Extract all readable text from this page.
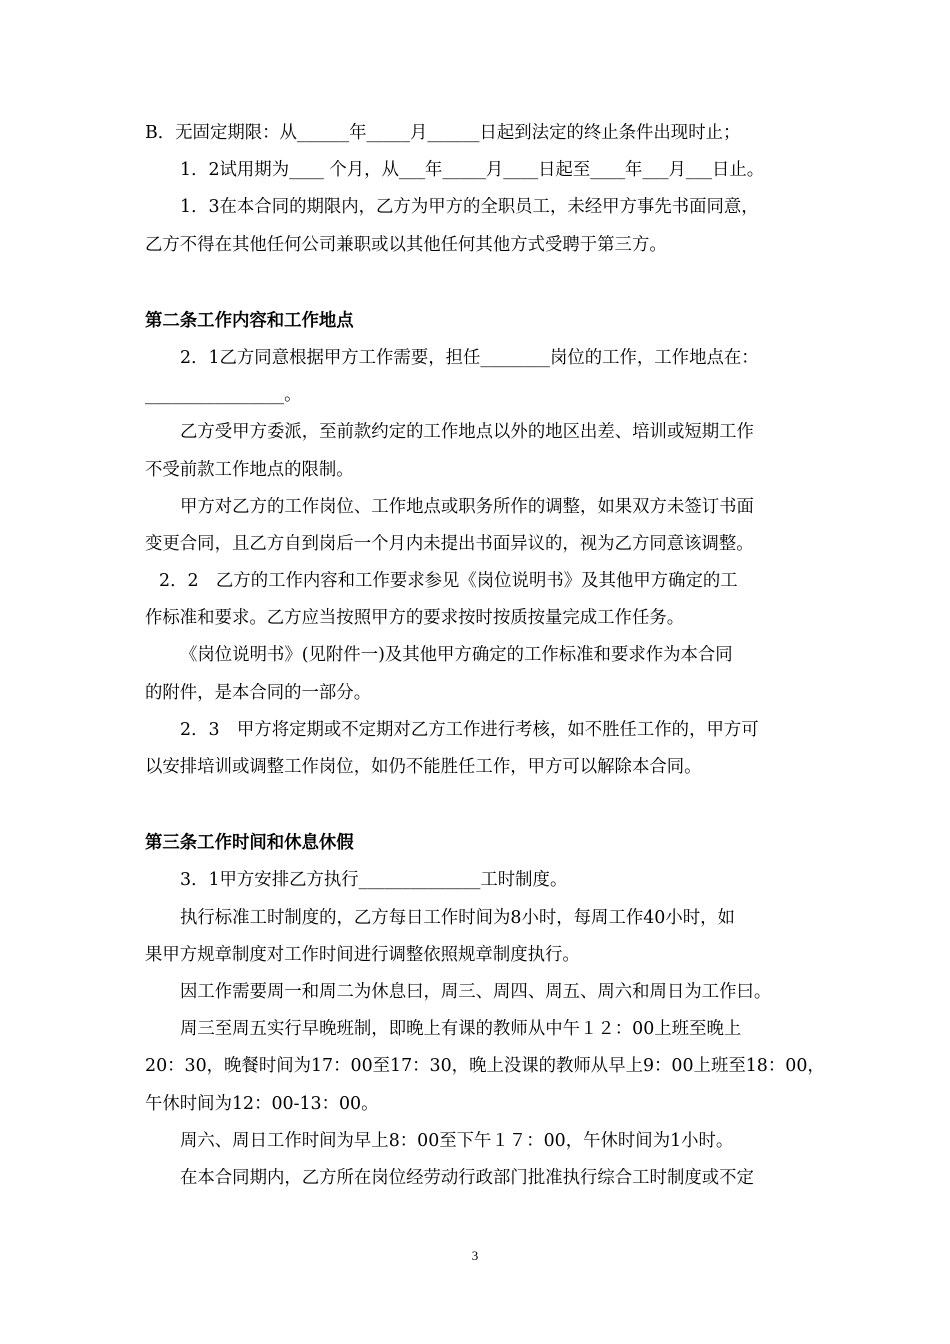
B．无固定期限：从______年_____月______日起到法定的终止条件出现时止；
1．2试用期为____ 个月，从___年_____月____日起至____年___月___日止。
1．3在本合同的期限内，乙方为甲方的全职员工，未经甲方事先书面同意，
乙方不得在其他任何公司兼职或以其他任何其他方式受聘于第三方。
第二条工作内容和工作地点
2．1乙方同意根据甲方工作需要，担任________岗位的工作，工作地点在：
________________。
乙方受甲方委派，至前款约定的工作地点以外的地区出差、培训或短期工作
不受前款工作地点的限制。
甲方对乙方的工作岗位、工作地点或职务所作的调整，如果双方未签订书面
变更合同，且乙方自到岗后一个月内未提出书面异议的，视为乙方同意该调整。
2．2　乙方的工作内容和工作要求参见《岗位说明书》及其他甲方确定的工
作标准和要求。乙方应当按照甲方的要求按时按质按量完成工作任务。
《岗位说明书》(见附件一)及其他甲方确定的工作标准和要求作为本合同
的附件，是本合同的一部分。
2．3　甲方将定期或不定期对乙方工作进行考核，如不胜任工作的，甲方可
以安排培训或调整工作岗位，如仍不能胜任工作，甲方可以解除本合同。
第三条工作时间和休息休假
3．1甲方安排乙方执行______________工时制度。
执行标准工时制度的，乙方每日工作时间为8小时，每周工作40小时，如
果甲方规章制度对工作时间进行调整依照规章制度执行。
因工作需要周一和周二为休息曰，周三、周四、周五、周六和周日为工作曰。
周三至周五实行早晚班制，即晚上有课的教师从中午１２：00上班至晚上
20：30，晚餐时间为17：00至17：30，晚上没课的教师从早上9：00上班至18：00，
午休时间为12：00-13：00。
周六、周日工作时间为早上8：00至下午１７：00，午休时间为1小时。
在本合同期内，乙方所在岗位经劳动行政部门批准执行综合工时制度或不定
3
